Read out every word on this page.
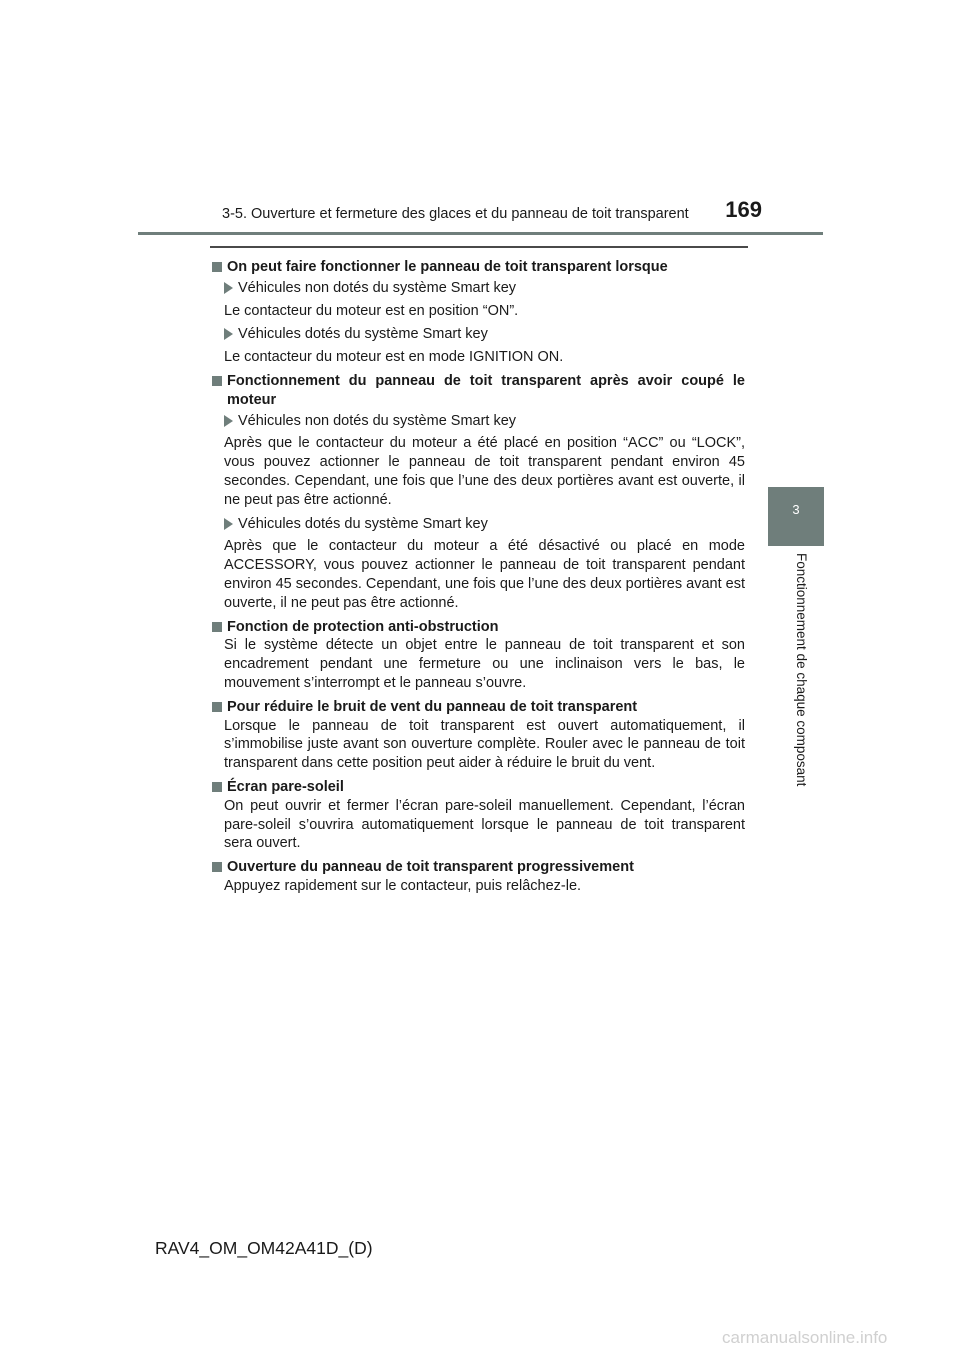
3-5. Ouverture et fermeture des glaces et du panneau de toit transparent	169
3
Fonctionnement de chaque composant
On peut faire fonctionner le panneau de toit transparent lorsque
Véhicules non dotés du système Smart key
Le contacteur du moteur est en position “ON”.
Véhicules dotés du système Smart key
Le contacteur du moteur est en mode IGNITION ON.
Fonctionnement du panneau de toit transparent après avoir coupé le moteur
Véhicules non dotés du système Smart key
Après que le contacteur du moteur a été placé en position “ACC” ou “LOCK”, vous pouvez actionner le panneau de toit transparent pendant environ 45 secondes. Cependant, une fois que l’une des deux portières avant est ouverte, il ne peut pas être actionné.
Véhicules dotés du système Smart key
Après que le contacteur du moteur a été désactivé ou placé en mode ACCESSORY, vous pouvez actionner le panneau de toit transparent pendant environ 45 secondes. Cependant, une fois que l’une des deux portières avant est ouverte, il ne peut pas être actionné.
Fonction de protection anti-obstruction
Si le système détecte un objet entre le panneau de toit transparent et son encadrement pendant une fermeture ou une inclinaison vers le bas, le mouvement s’interrompt et le panneau s’ouvre.
Pour réduire le bruit de vent du panneau de toit transparent
Lorsque le panneau de toit transparent est ouvert automatiquement, il s’immobilise juste avant son ouverture complète. Rouler avec le panneau de toit transparent dans cette position peut aider à réduire le bruit du vent.
Écran pare-soleil
On peut ouvrir et fermer l’écran pare-soleil manuellement. Cependant, l’écran pare-soleil s’ouvrira automatiquement lorsque le panneau de toit transparent sera ouvert.
Ouverture du panneau de toit transparent progressivement
Appuyez rapidement sur le contacteur, puis relâchez-le.
RAV4_OM_OM42A41D_(D)
carmanualsonline.info
